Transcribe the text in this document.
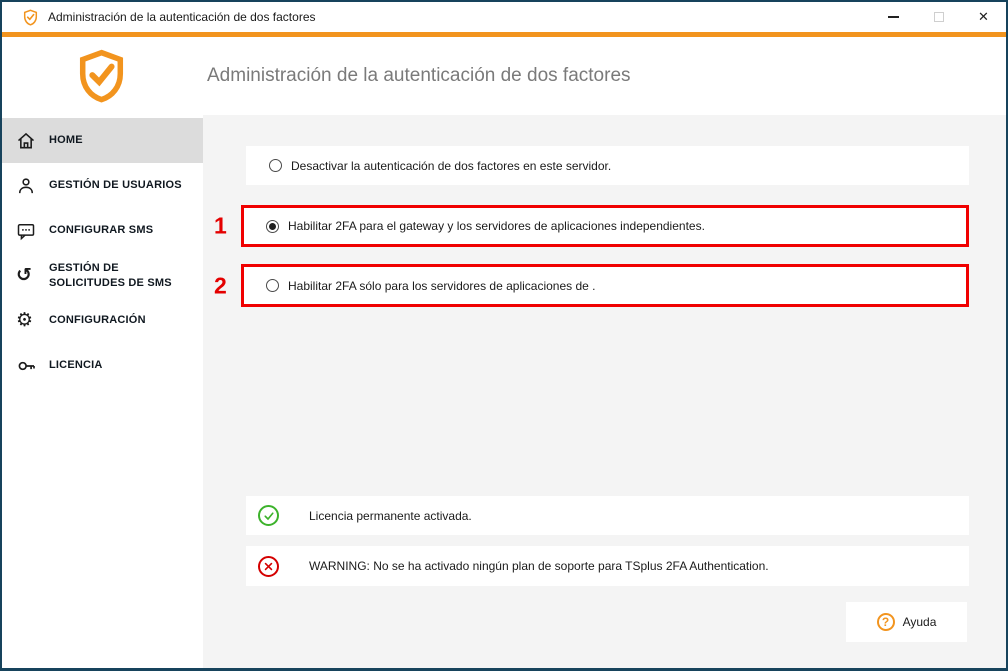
Administración de la autenticación de dos factores	✕
Administración de la autenticación de dos factores
HOME
GESTIÓN DE USUARIOS
CONFIGURAR SMS
↺ GESTIÓN DE SOLICITUDES DE SMS
⚙ CONFIGURACIÓN
LICENCIA
Desactivar la autenticación de dos factores en este servidor.
1	Habilitar 2FA para el gateway y los servidores de aplicaciones independientes.
2	Habilitar 2FA sólo para los servidores de aplicaciones de .
Licencia permanente activada.
WARNING: No se ha activado ningún plan de soporte para TSplus 2FA Authentication.
?	Ayuda
